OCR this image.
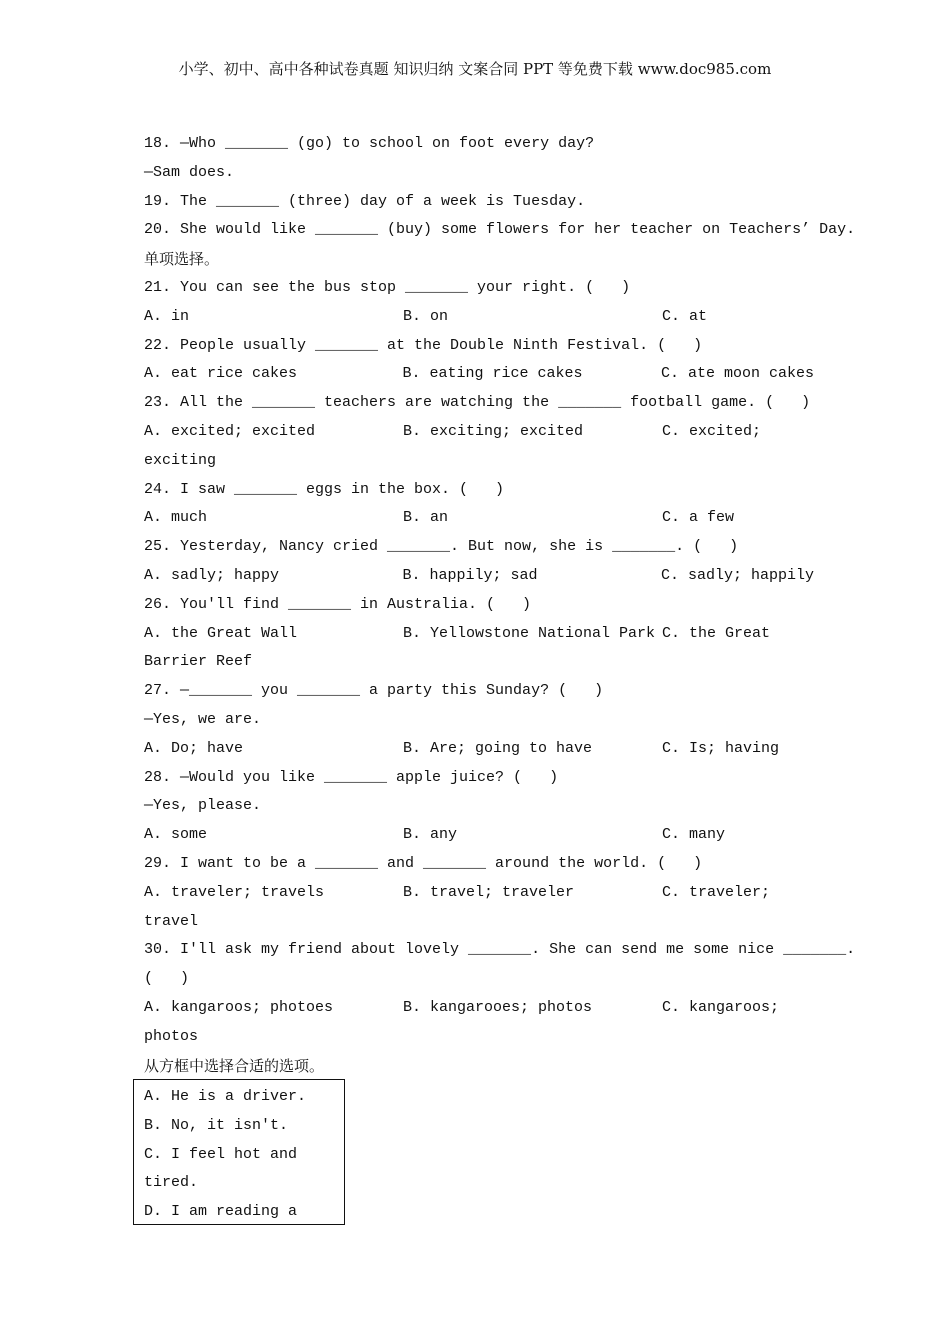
小学、初中、高中各种试卷真题 知识归纳 文案合同 PPT 等免费下载 www.doc985.com
18. —Who _______ (go) to school on foot every day?
—Sam does.
19. The _______ (three) day of a week is Tuesday.
20. She would like _______ (buy) some flowers for her teacher on Teachers’ Day.
单项选择。
21. You can see the bus stop _______ your right. (   )
A. in	B. on	C. at
22. People usually _______ at the Double Ninth Festival. (   )
A. eat rice cakes	B. eating rice cakes	C. ate moon cakes
23. All the _______ teachers are watching the _______ football game. (   )
A. excited; excited	B. exciting; excited	C. excited;
exciting
24. I saw _______ eggs in the box. (   )
A. much	B. an	C. a few
25. Yesterday, Nancy cried _______. But now, she is _______. (   )
A. sadly; happy	B. happily; sad	C. sadly; happily
26. You'll find _______ in Australia. (   )
A. the Great Wall	B. Yellowstone National Park C. the Great
Barrier Reef
27. —_______ you _______ a party this Sunday? (   )
—Yes, we are.
A. Do; have	B. Are; going to have	C. Is; having
28. —Would you like _______ apple juice? (   )
—Yes, please.
A. some	B. any	C. many
29. I want to be a _______ and _______ around the world. (   )
A. traveler; travels	B. travel; traveler	C. traveler;
travel
30. I'll ask my friend about lovely _______. She can send me some nice _______.
(   )
A. kangaroos; photoes	B. kangarooes; photos	C. kangaroos;
photos
从方框中选择合适的选项。
A. He is a driver.
B. No, it isn't.
C. I feel hot and
tired.
D. I am reading a
